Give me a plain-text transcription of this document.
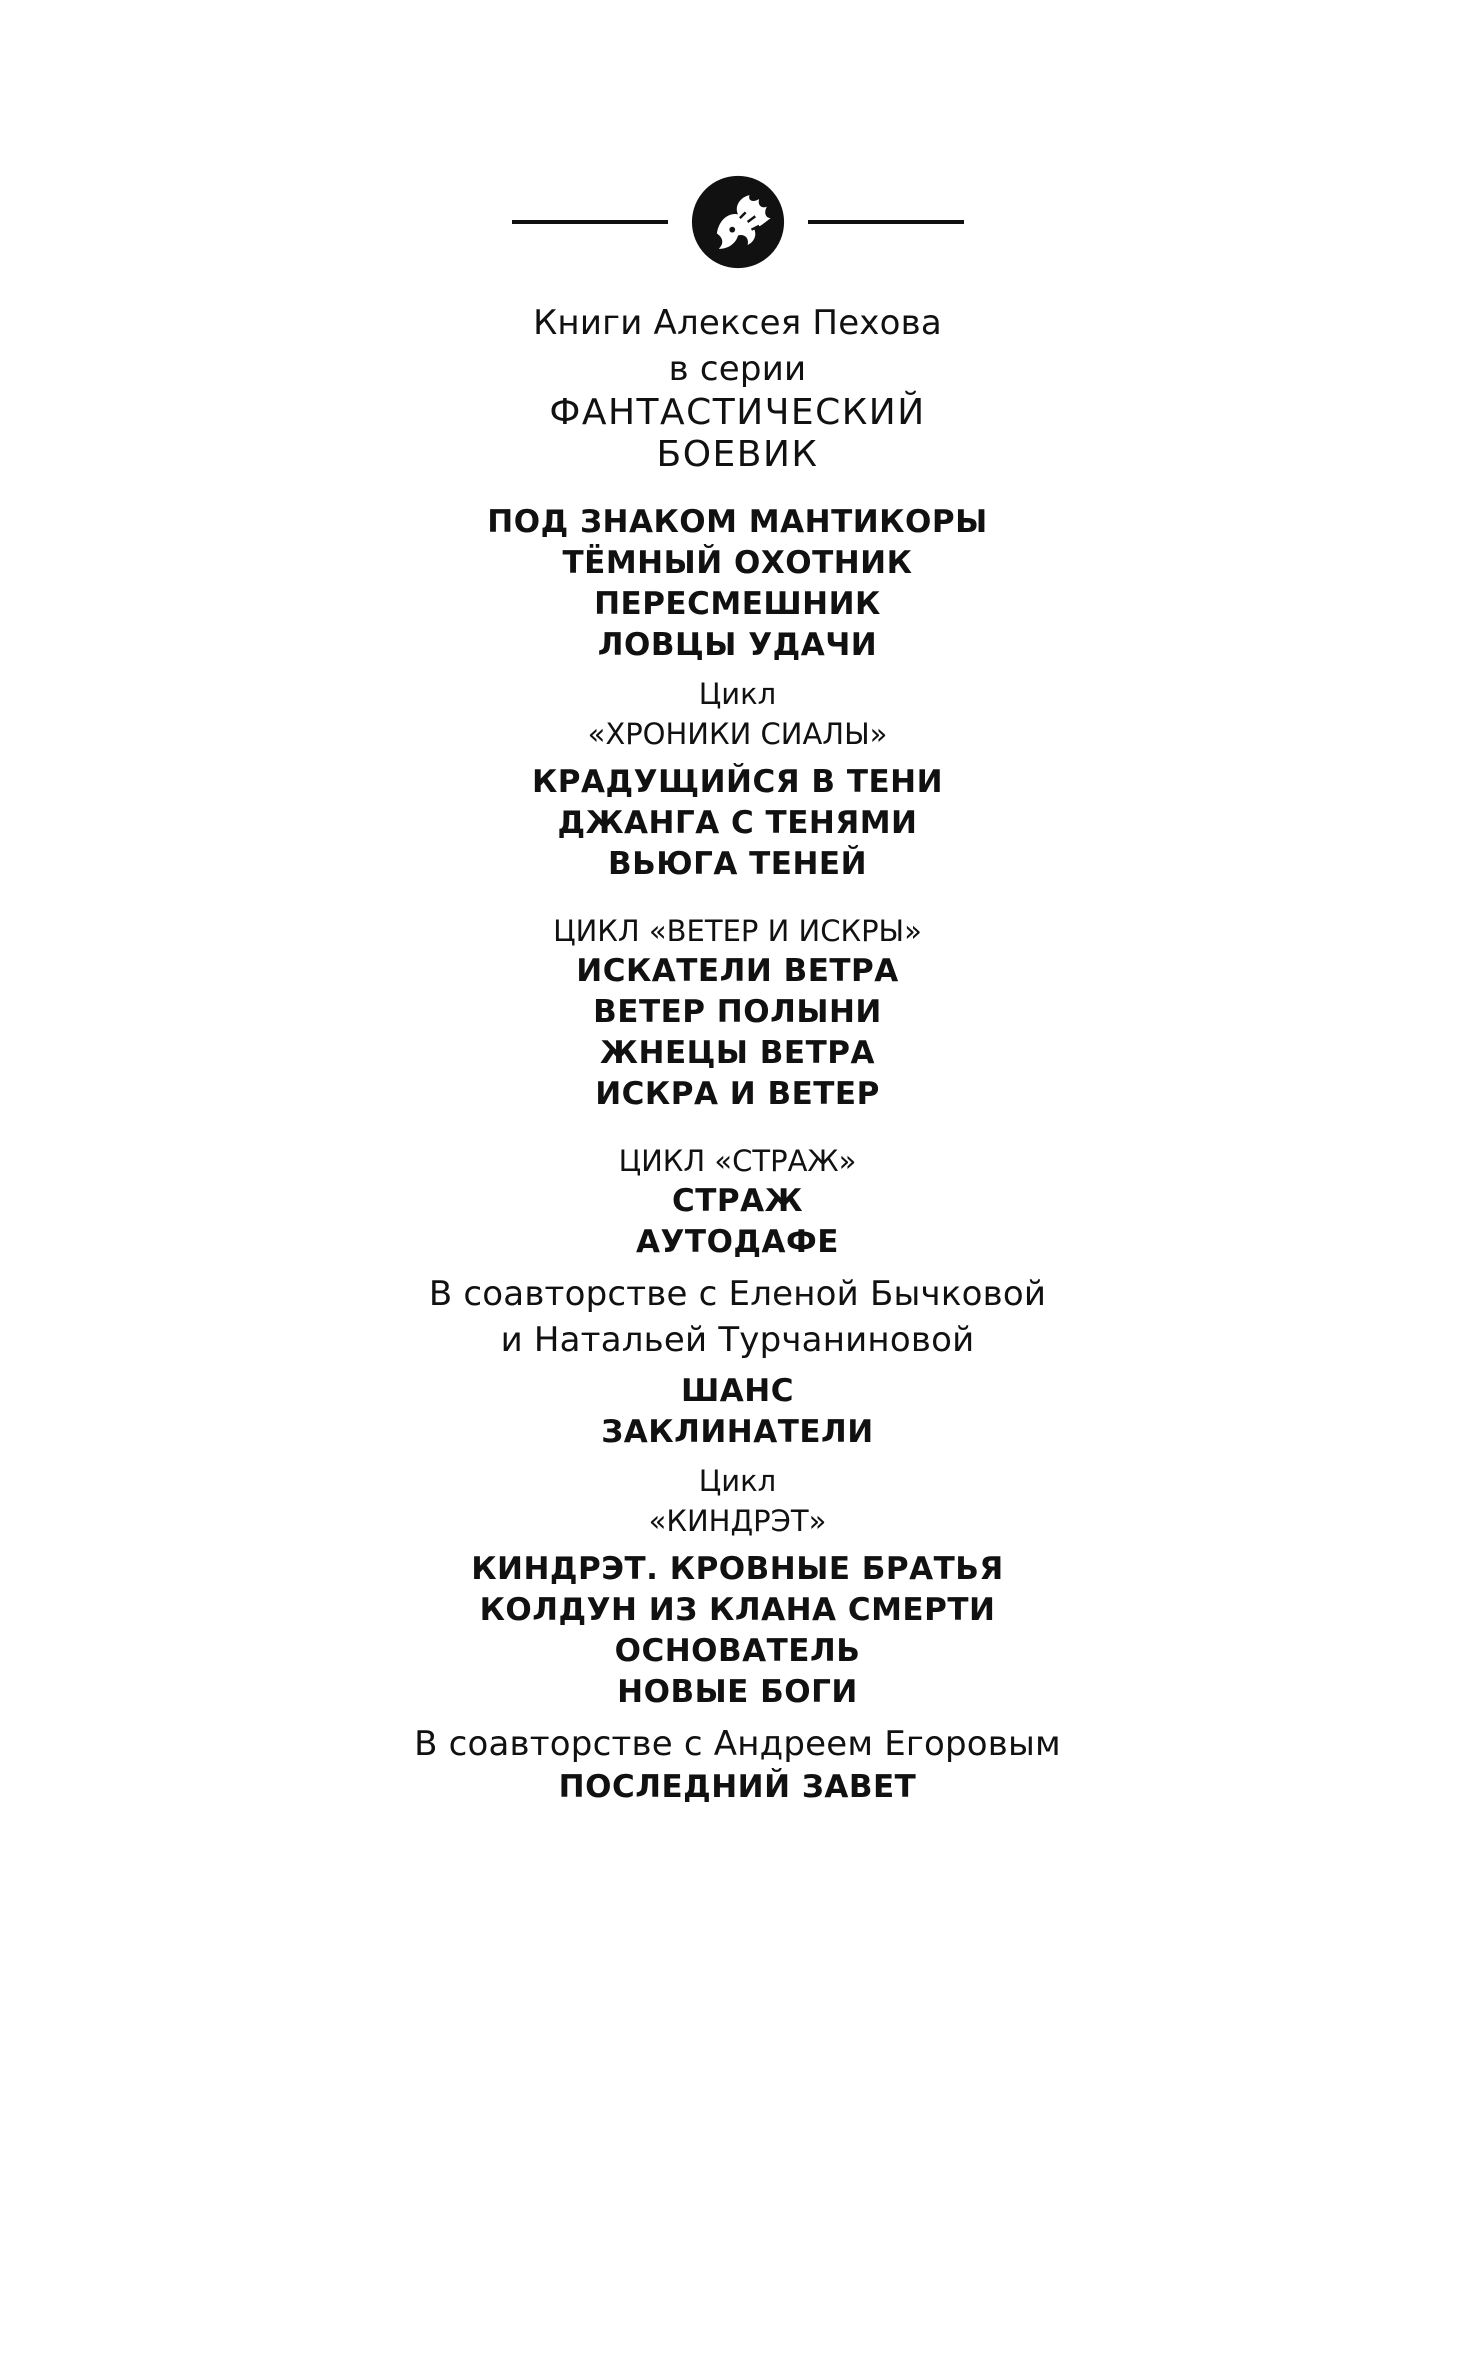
Книги Алексея Пехова
в серии
ФАНТАСТИЧЕСКИЙ
БОЕВИК
ПОД ЗНАКОМ МАНТИКОРЫ
ТЁМНЫЙ ОХОТНИК
ПЕРЕСМЕШНИК
ЛОВЦЫ УДАЧИ
Цикл
«ХРОНИКИ СИАЛЫ»
КРАДУЩИЙСЯ В ТЕНИ
ДЖАНГА С ТЕНЯМИ
ВЬЮГА ТЕНЕЙ
ЦИКЛ «ВЕТЕР И ИСКРЫ»
ИСКАТЕЛИ ВЕТРА
ВЕТЕР ПОЛЫНИ
ЖНЕЦЫ ВЕТРА
ИСКРА И ВЕТЕР
ЦИКЛ «СТРАЖ»
СТРАЖ
АУТОДАФЕ
В соавторстве с Еленой Бычковой
и Натальей Турчаниновой
ШАНС
ЗАКЛИНАТЕЛИ
Цикл
«КИНДРЭТ»
КИНДРЭТ. КРОВНЫЕ БРАТЬЯ
КОЛДУН ИЗ КЛАНА СМЕРТИ
ОСНОВАТЕЛЬ
НОВЫЕ БОГИ
В соавторстве с Андреем Егоровым
ПОСЛЕДНИЙ ЗАВЕТ
